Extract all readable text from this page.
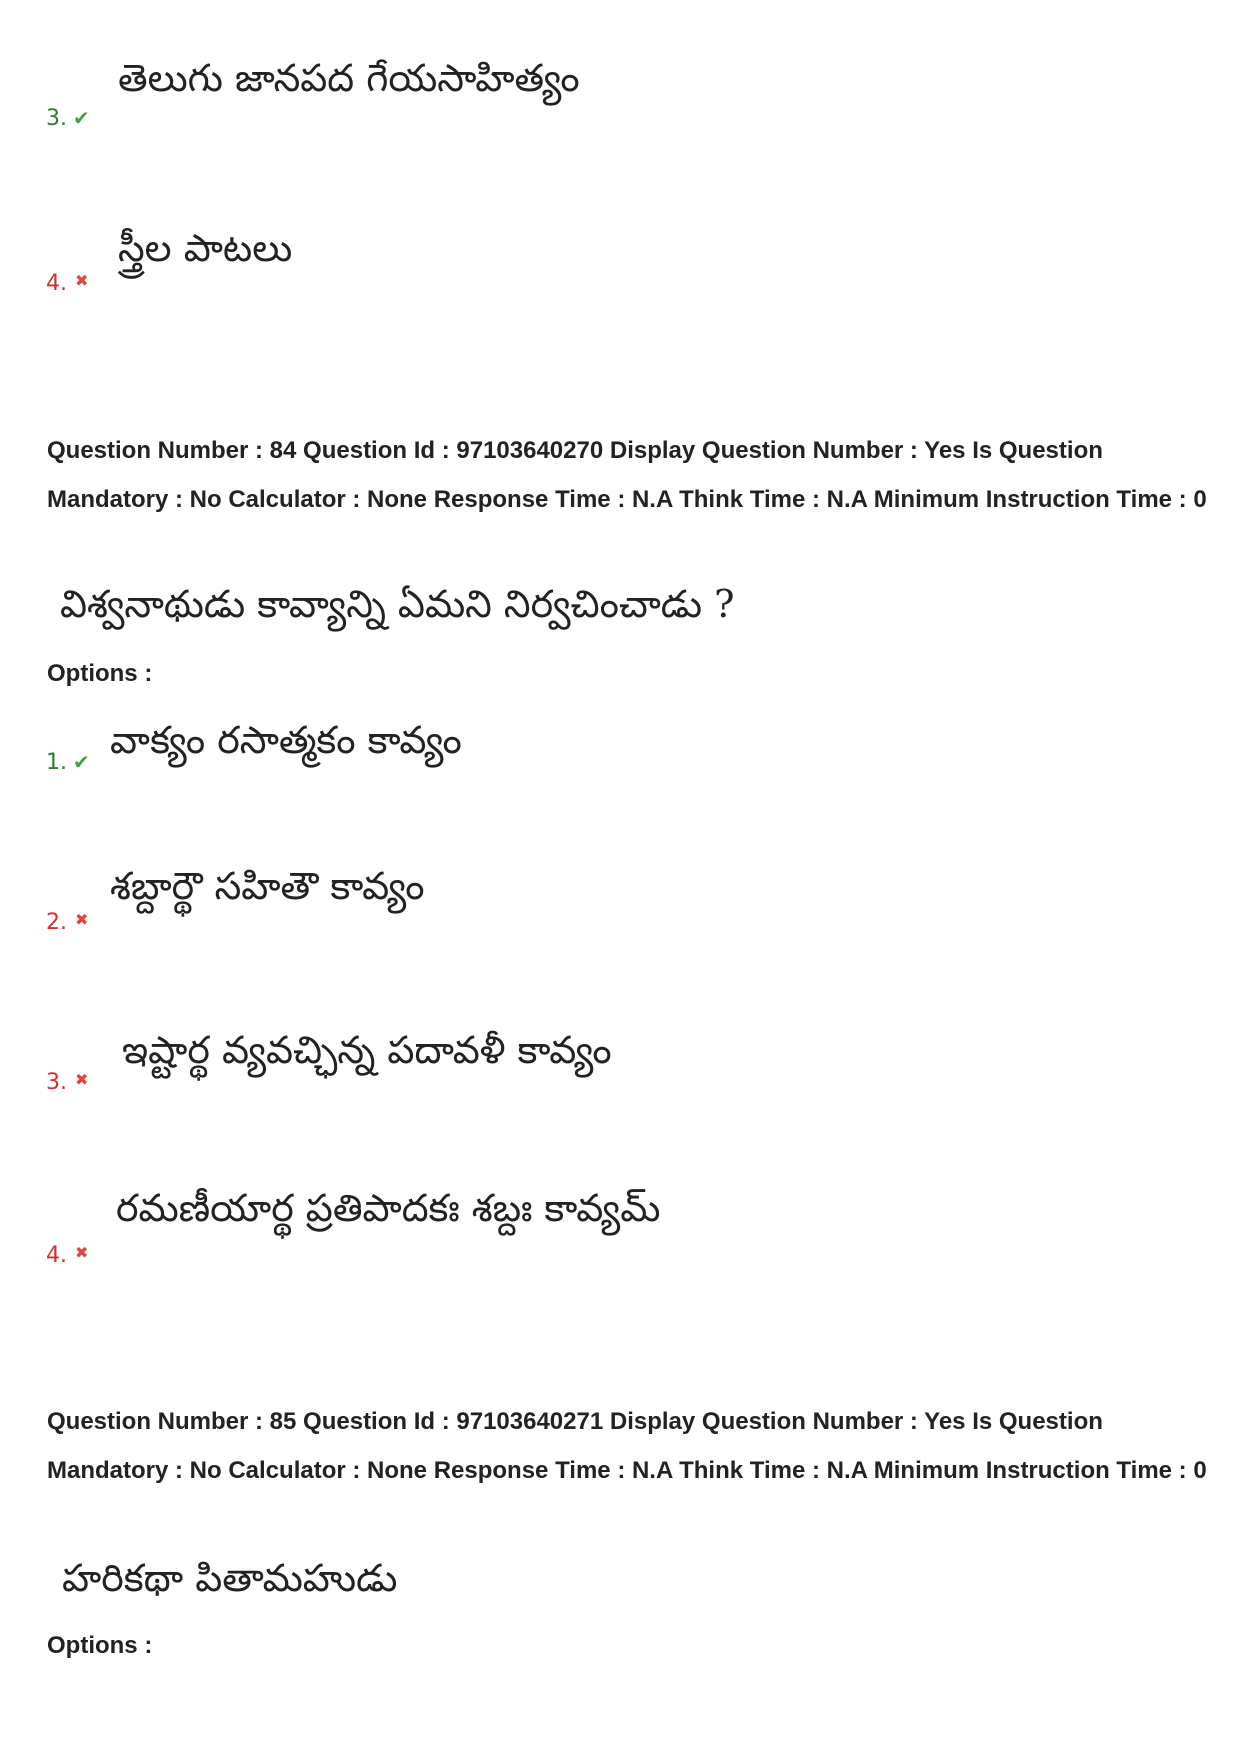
తెలుగు జానపద గేయసాహిత్యం
3. ✔
స్త్రీల పాటలు
4. ✖
Question Number : 84 Question Id : 97103640270 Display Question Number : Yes Is Question Mandatory : No Calculator : None Response Time : N.A Think Time : N.A Minimum Instruction Time : 0
విశ్వనాథుడు కావ్యాన్ని ఏమని నిర్వచించాడు ?
Options :
వాక్యం రసాత్మకం కావ్యం
1. ✔
శబ్దార్థౌ సహితౌ కావ్యం
2. ✖
ఇష్టార్థ వ్యవచ్ఛిన్న పదావళీ కావ్యం
3. ✖
రమణీయార్థ ప్రతిపాదకః శబ్దః కావ్యమ్
4. ✖
Question Number : 85 Question Id : 97103640271 Display Question Number : Yes Is Question Mandatory : No Calculator : None Response Time : N.A Think Time : N.A Minimum Instruction Time : 0
హరికథా పితామహుడు
Options :
